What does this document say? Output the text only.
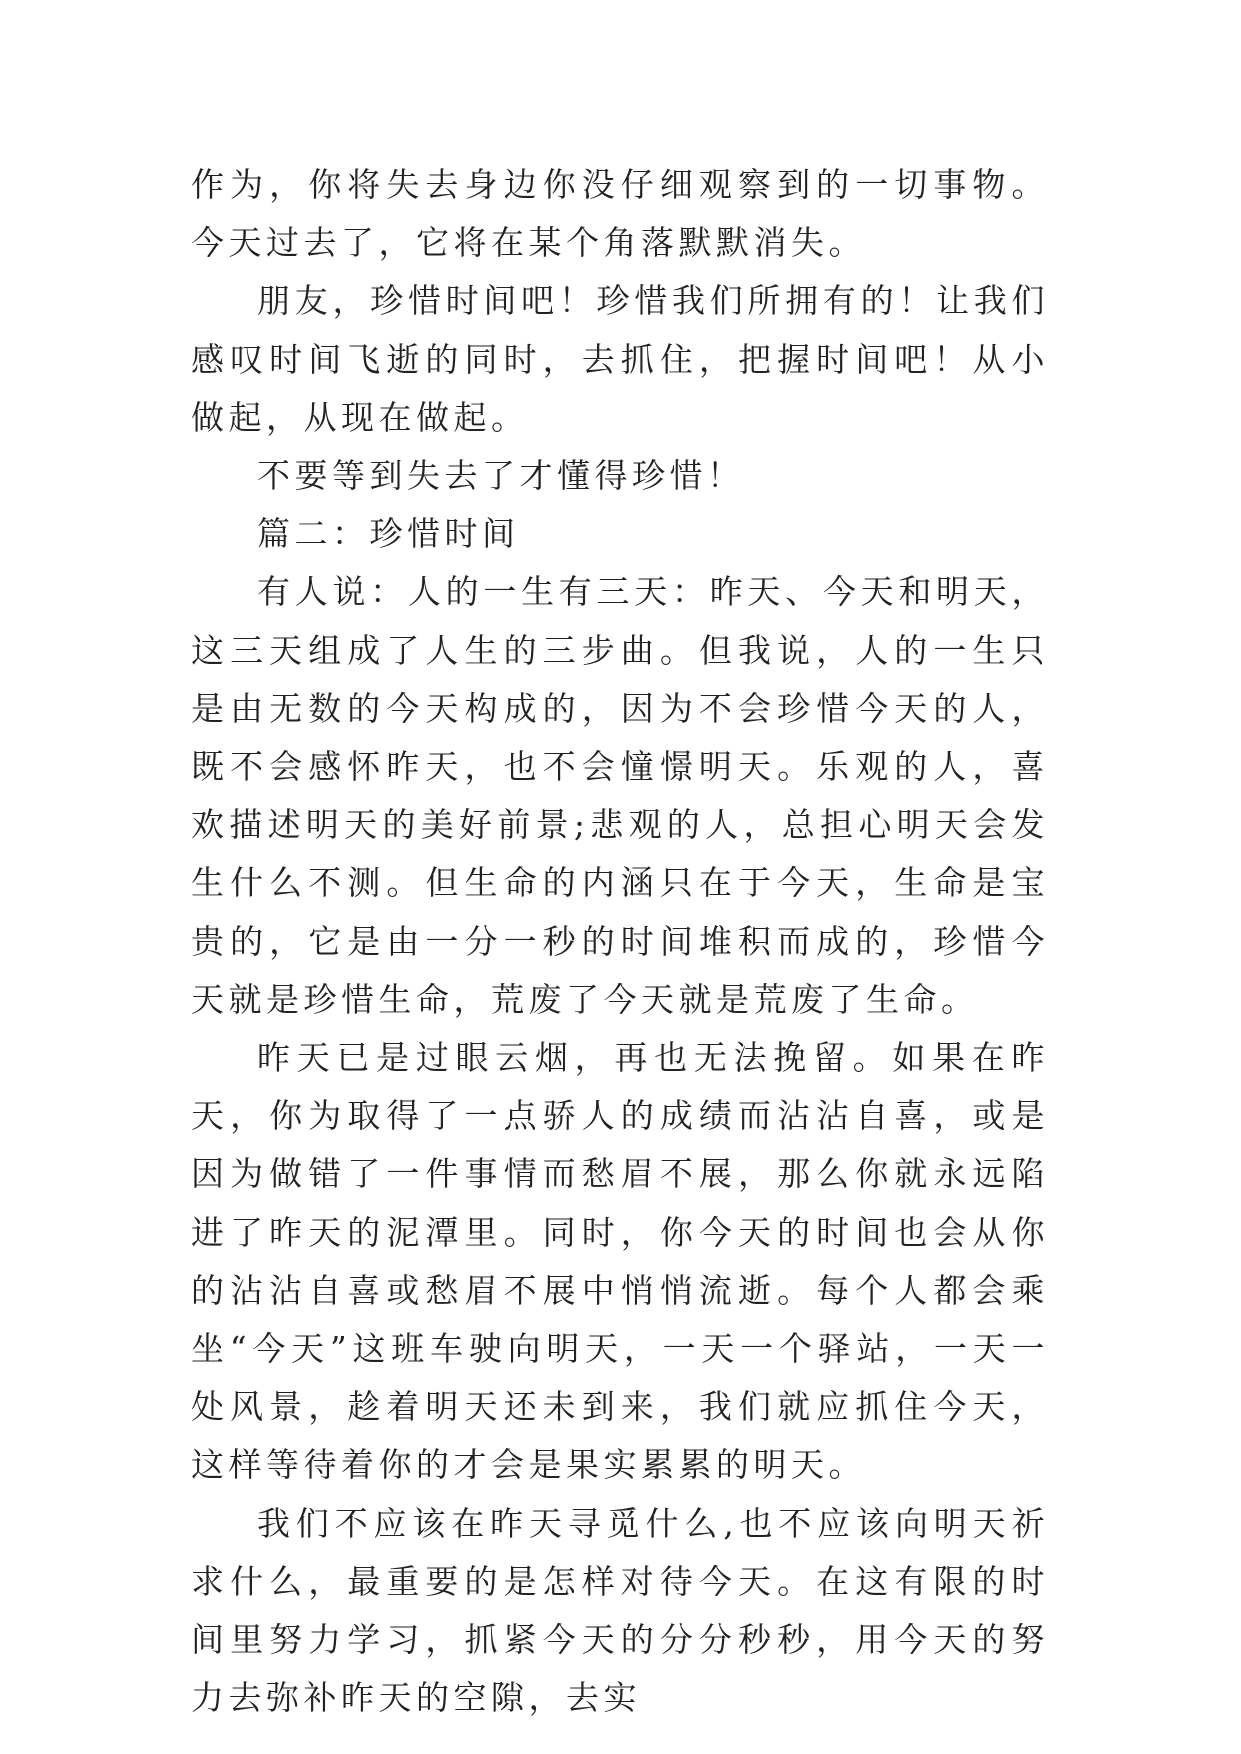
作为，你将失去身边你没仔细观察到的一切事物。今天过去了，它将在某个角落默默消失。

朋友，珍惜时间吧！珍惜我们所拥有的！让我们感叹时间飞逝的同时，去抓住，把握时间吧！从小做起，从现在做起。

不要等到失去了才懂得珍惜！

篇二：珍惜时间

有人说：人的一生有三天：昨天、今天和明天，这三天组成了人生的三步曲。但我说，人的一生只是由无数的今天构成的，因为不会珍惜今天的人，既不会感怀昨天，也不会憧憬明天。乐观的人，喜欢描述明天的美好前景;悲观的人，总担心明天会发生什么不测。但生命的内涵只在于今天，生命是宝贵的，它是由一分一秒的时间堆积而成的，珍惜今天就是珍惜生命，荒废了今天就是荒废了生命。

昨天已是过眼云烟，再也无法挽留。如果在昨天，你为取得了一点骄人的成绩而沾沾自喜，或是因为做错了一件事情而愁眉不展，那么你就永远陷进了昨天的泥潭里。同时，你今天的时间也会从你的沾沾自喜或愁眉不展中悄悄流逝。每个人都会乘坐“今天”这班车驶向明天，一天一个驿站，一天一处风景，趁着明天还未到来，我们就应抓住今天，这样等待着你的才会是果实累累的明天。

我们不应该在昨天寻觅什么,也不应该向明天祈求什么，最重要的是怎样对待今天。在这有限的时间里努力学习，抓紧今天的分分秒秒，用今天的努力去弥补昨天的空隙，去实
